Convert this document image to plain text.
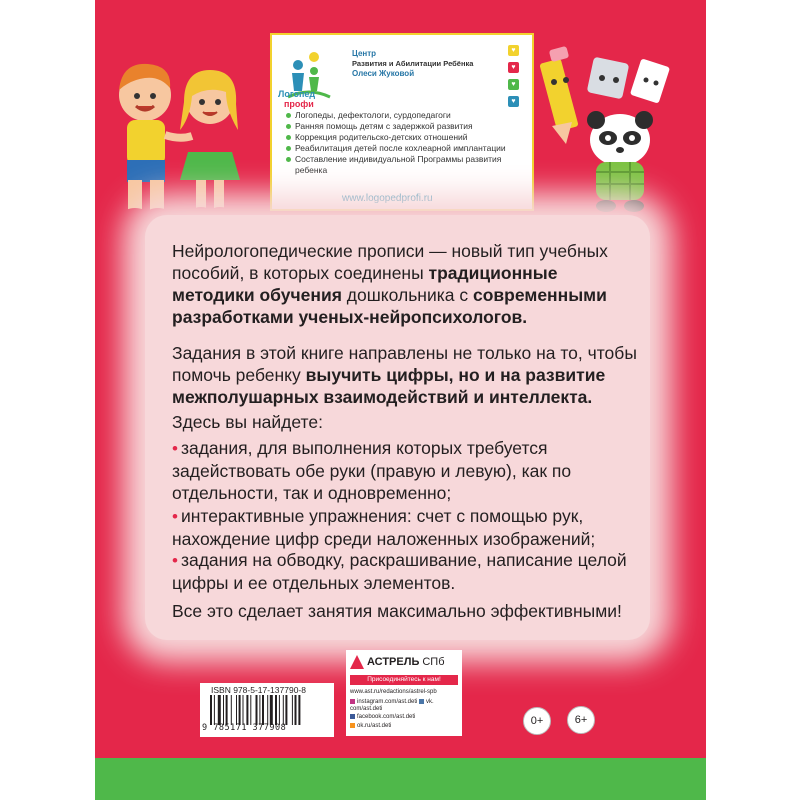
Логопед
профи
Центр
Развития и Абилитации Ребёнка
Олеси Жуковой
♥
♥
♥
♥
Логопеды, дефектологи, сурдопедагоги
Ранняя помощь детям с задержкой развития
Коррекция родительско-детских отношений
Реабилитация детей после кохлеарной имплантации
Составление индивидуальной Программы развития ребенка
www.logopedprofi.ru

Нейрологопедические прописи — новый тип учебных пособий, в которых соединены традиционные методики обучения дошкольника с современными разработками ученых-нейропсихологов.

Задания в этой книге направлены не только на то, чтобы помочь ребенку выучить цифры, но и на развитие межполушарных взаимодействий и интеллекта.

Здесь вы найдете:

• задания, для выполнения которых требуется задействовать обе руки (правую и левую), как по отдельности, так и одновременно;
• интерактивные упражнения: счет с помощью рук, нахождение цифр среди наложенных изображений;
• задания на обводку, раскрашивание, написание целой цифры и ее отдельных элементов.

Все это сделает занятия максимально эффективными!

ISBN 978-5-17-137790-8
9 785171 377908
АСТРЕЛЬ СПб
Присоединяйтесь к нам!
www.ast.ru/redactions/astrel-spb
instagram.com/ast.deti vk.
com/ast.deti
facebook.com/ast.deti
ok.ru/ast.deti	0+	6+
